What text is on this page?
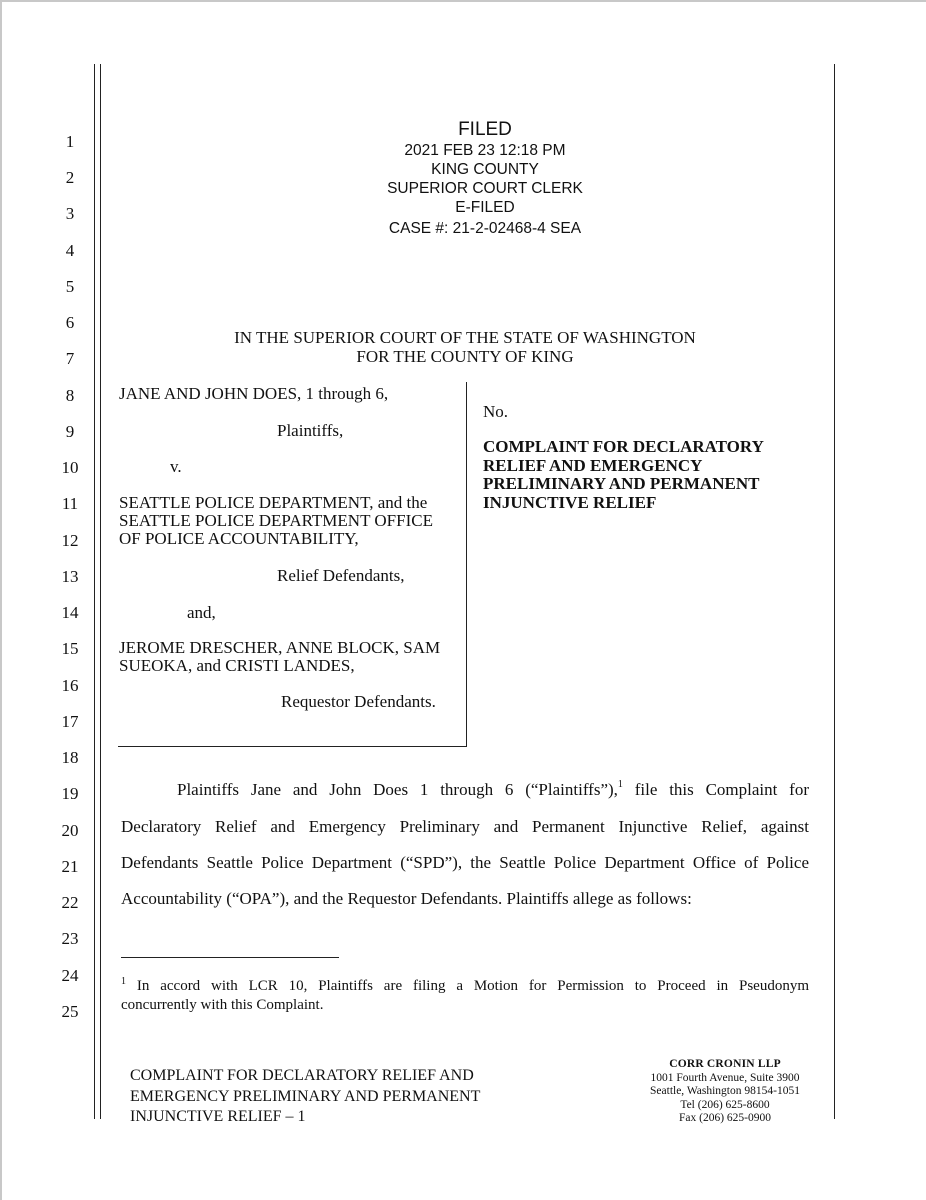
1
2
3
4
5
6
7
8
9
10
11
12
13
14
15
16
17
18
19
20
21
22
23
24
25
FILED
2021 FEB 23 12:18 PM
KING COUNTY
SUPERIOR COURT CLERK
E-FILED
CASE #: 21-2-02468-4 SEA
IN THE SUPERIOR COURT OF THE STATE OF WASHINGTON
FOR THE COUNTY OF KING
JANE AND JOHN DOES, 1 through 6,
Plaintiffs,
v.
SEATTLE POLICE DEPARTMENT, and the
SEATTLE POLICE DEPARTMENT OFFICE
OF POLICE ACCOUNTABILITY,
Relief Defendants,
and,
JEROME DRESCHER, ANNE BLOCK, SAM
SUEOKA, and CRISTI LANDES,
Requestor Defendants.
No.
COMPLAINT FOR DECLARATORY
RELIEF AND EMERGENCY
PRELIMINARY AND PERMANENT
INJUNCTIVE RELIEF
Plaintiffs Jane and John Does 1 through 6 (“Plaintiffs”),$^1$ file this Complaint for
Declaratory Relief and Emergency Preliminary and Permanent Injunctive Relief, against
Defendants Seattle Police Department (“SPD”), the Seattle Police Department Office of Police
Accountability (“OPA”), and the Requestor Defendants. Plaintiffs allege as follows:
$^1$ In accord with LCR 10, Plaintiffs are filing a Motion for Permission to Proceed in Pseudonym
concurrently with this Complaint.
COMPLAINT FOR DECLARATORY RELIEF AND
EMERGENCY PRELIMINARY AND PERMANENT
INJUNCTIVE RELIEF – 1
CORR CRONIN LLP
1001 Fourth Avenue, Suite 3900
Seattle, Washington 98154-1051
Tel (206) 625-8600
Fax (206) 625-0900
